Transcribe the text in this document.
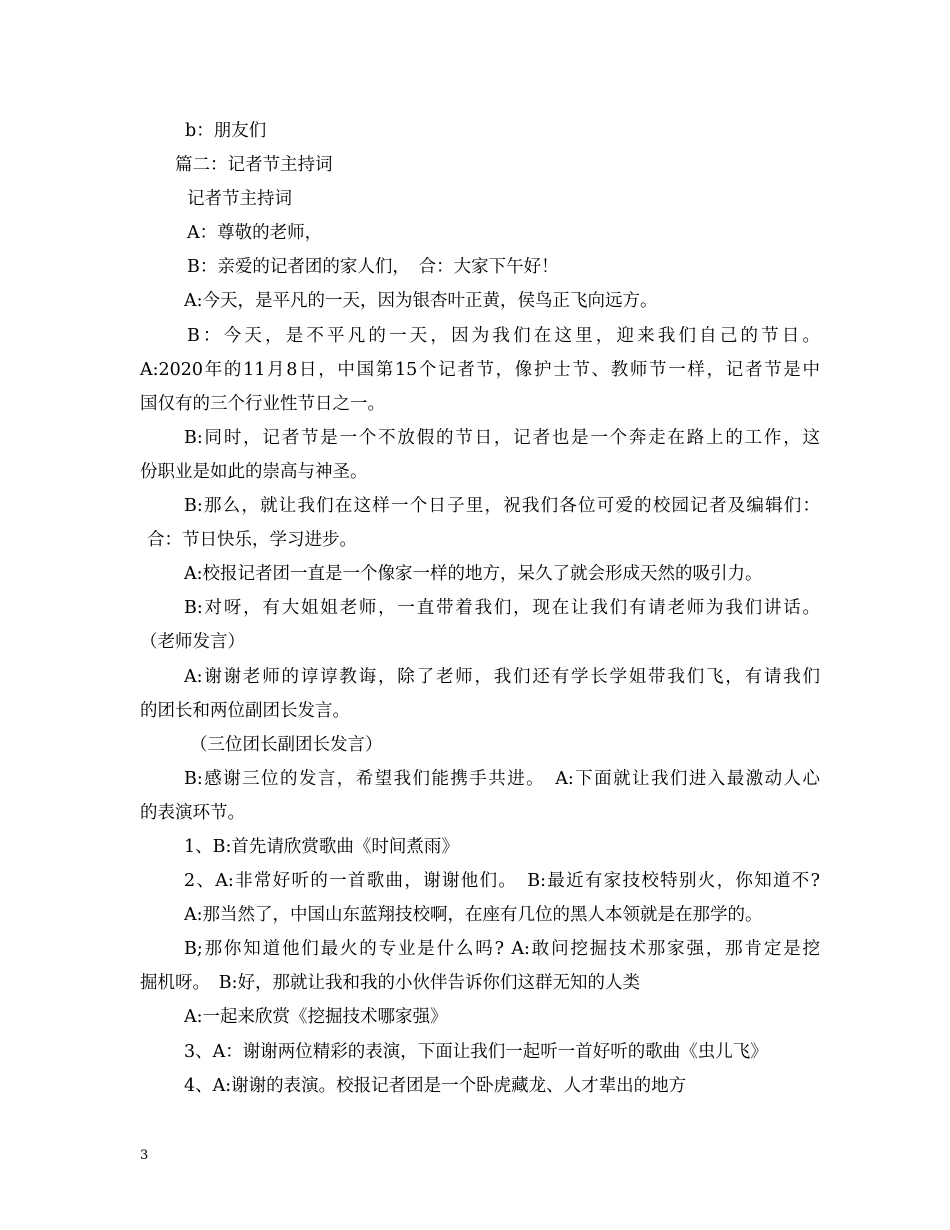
b：朋友们
篇二：记者节主持词
记者节主持词
A：尊敬的老师，
B：亲爱的记者团的家人们，　合：大家下午好！
A:今天，是平凡的一天，因为银杏叶正黄，侯鸟正飞向远方。
B：今天，是不平凡的一天，因为我们在这里，迎来我们自己的节日。
A:2020年的11月8日，中国第15个记者节，像护士节、教师节一样，记者节是中
国仅有的三个行业性节日之一。
B:同时，记者节是一个不放假的节日，记者也是一个奔走在路上的工作，这
份职业是如此的崇高与神圣。
B:那么，就让我们在这样一个日子里，祝我们各位可爱的校园记者及编辑们：
合：节日快乐，学习进步。
A:校报记者团一直是一个像家一样的地方，呆久了就会形成天然的吸引力。
B:对呀，有大姐姐老师，一直带着我们，现在让我们有请老师为我们讲话。
（老师发言）
A:谢谢老师的谆谆教诲，除了老师，我们还有学长学姐带我们飞，有请我们
的团长和两位副团长发言。
（三位团长副团长发言）
B:感谢三位的发言，希望我们能携手共进。　A:下面就让我们进入最激动人心
的表演环节。
1、B:首先请欣赏歌曲《时间煮雨》
2、A:非常好听的一首歌曲，谢谢他们。　B:最近有家技校特别火，你知道不?
A:那当然了，中国山东蓝翔技校啊，在座有几位的黑人本领就是在那学的。
B;那你知道他们最火的专业是什么吗? A:敢问挖掘技术那家强，那肯定是挖
掘机呀。　B:好，那就让我和我的小伙伴告诉你们这群无知的人类
A:一起来欣赏《挖掘技术哪家强》
3、A：谢谢两位精彩的表演，下面让我们一起听一首好听的歌曲《虫儿飞》
4、A:谢谢的表演。校报记者团是一个卧虎藏龙、人才辈出的地方
3
